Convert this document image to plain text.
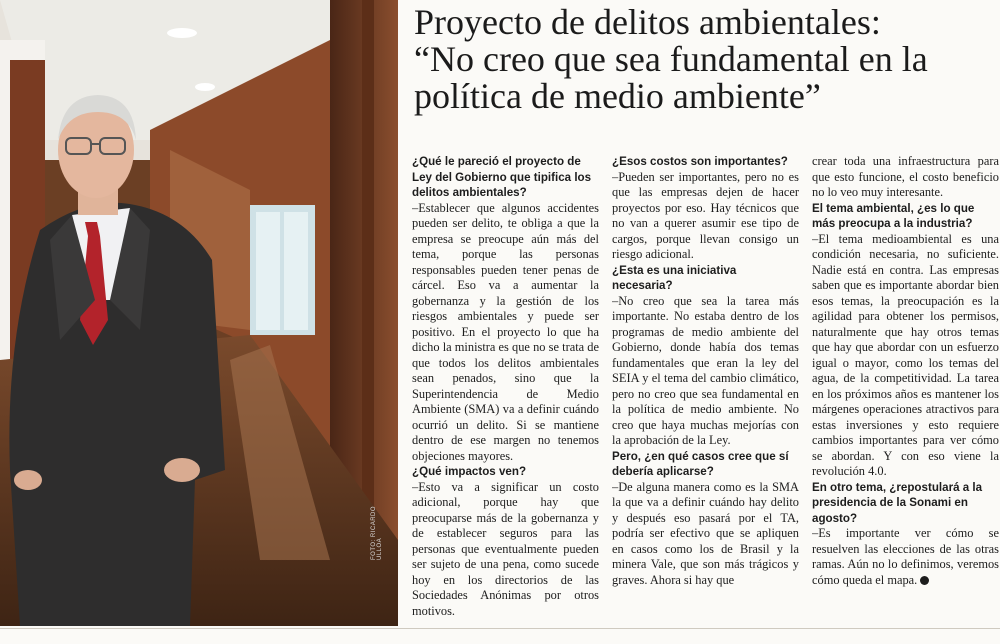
FOTO: RICARDO ULLOA
Proyecto de delitos ambientales:
“No creo que sea fundamental en la
política de medio ambiente”

¿Qué le pareció el proyecto de Ley del Gobierno que tipifica los delitos ambientales?

–Establecer que algunos accidentes pueden ser delito, te obliga a que la empresa se preocupe aún más del tema, porque las personas responsables pueden tener penas de cárcel. Eso va a aumentar la gobernanza y la gestión de los riesgos ambientales y puede ser positivo. En el proyecto lo que ha dicho la ministra es que no se trata de que todos los delitos ambientales sean penados, sino que la Superintendencia de Medio Ambiente (SMA) va a definir cuándo ocurrió un delito. Si se mantiene dentro de ese margen no tenemos objeciones mayores.

¿Qué impactos ven?

–Esto va a significar un costo adicional, porque hay que preocuparse más de la gobernanza y de establecer seguros para las personas que eventualmente pueden ser sujeto de una pena, como sucede hoy en los directorios de las Sociedades Anónimas por otros motivos.

¿Esos costos son importantes?

–Pueden ser importantes, pero no es que las empresas dejen de hacer proyectos por eso. Hay técnicos que no van a querer asumir ese tipo de cargos, porque llevan consigo un riesgo adicional.

¿Esta es una iniciativa necesaria?

–No creo que sea la tarea más importante. No estaba dentro de los programas de medio ambiente del Gobierno, donde había dos temas fundamentales que eran la ley del SEIA y el tema del cambio climático, pero no creo que sea fundamental en la política de medio ambiente. No creo que haya muchas mejorías con la aprobación de la Ley.

Pero, ¿en qué casos cree que sí debería aplicarse?

–De alguna manera como es la SMA la que va a definir cuándo hay delito y después eso pasará por el TA, podría ser efectivo que se apliquen en casos como los de Brasil y la minera Vale, que son más trágicos y graves. Ahora si hay que

crear toda una infraestructura para que esto funcione, el costo beneficio no lo veo muy interesante.

El tema ambiental, ¿es lo que más preocupa a la industria?

–El tema medioambiental es una condición necesaria, no suficiente. Nadie está en contra. Las empresas saben que es importante abordar bien esos temas, la preocupación es la agilidad para obtener los permisos, naturalmente que hay otros temas que hay que abordar con un esfuerzo igual o mayor, como los temas del agua, de la competitividad. La tarea en los próximos años es mantener los márgenes operaciones atractivos para estas inversiones y esto requiere cambios importantes para ver cómo se abordan. Y con eso viene la revolución 4.0.

En otro tema, ¿repostulará a la presidencia de la Sonami en agosto?

–Es importante ver cómo se resuelven las elecciones de las otras ramas. Aún no lo definimos, veremos cómo queda el mapa.
